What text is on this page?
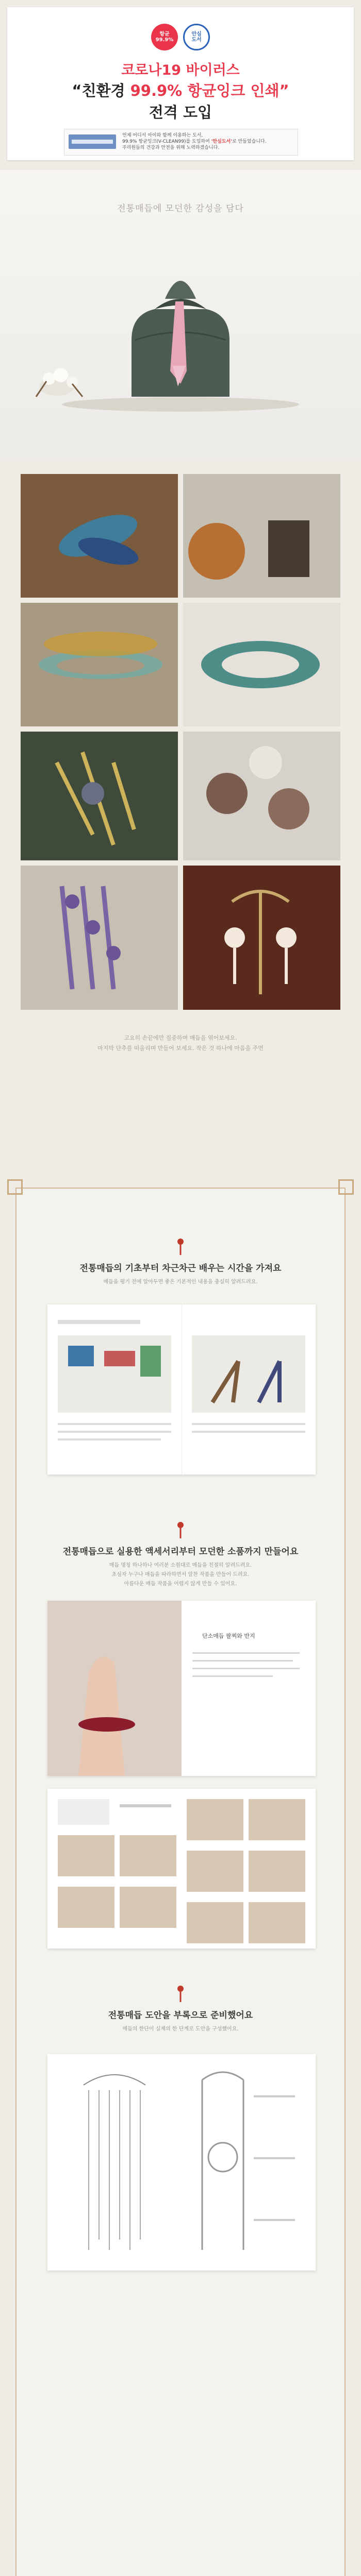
항균
99.9%
안심
도서
코로나19 바이러스
“친환경 99.9% 항균잉크 인쇄”
전격 도입
언제 어디서 아이와 함께 이용하는 도서,
99.9% 항균잉크(V-CLEAN99)를 도입하여 '안심도서'로 만들었습니다.
주리원들의 건강과 안전을 위해 노력하겠습니다.
전통매듭에 모던한 감성을 담다
고요히 손끝에만 집중하며 매듭을 엮어보세요.
마지막 단추를 떠올리며 만들어 보세요. 작은 것 하나에 마음을 주면
전통매듭의 기초부터 차근차근 배우는 시간을 가져요
매듭을 평기 전에 알아두면 좋은 기본적인 내용을 충실히 알려드려요.
전통매듭으로 실용한 액세서리부터 모던한 소품까지 만들어요
매듭 명칭 하나하나 여러분 소원대로 매듭을 친절히 알려드려요.
초심자 누구나 매듭을 따라하면서 알찬 작품을 만들어 드려요.
아름다운 매듭 작품을 어렵지 않게 만들 수 있어요.
단소매듭 팔찌와 반지
전통매듭 도안을 부록으로 준비했어요
매듭의 한단이 실제의 한 단계로 도안을 구성했어요.
